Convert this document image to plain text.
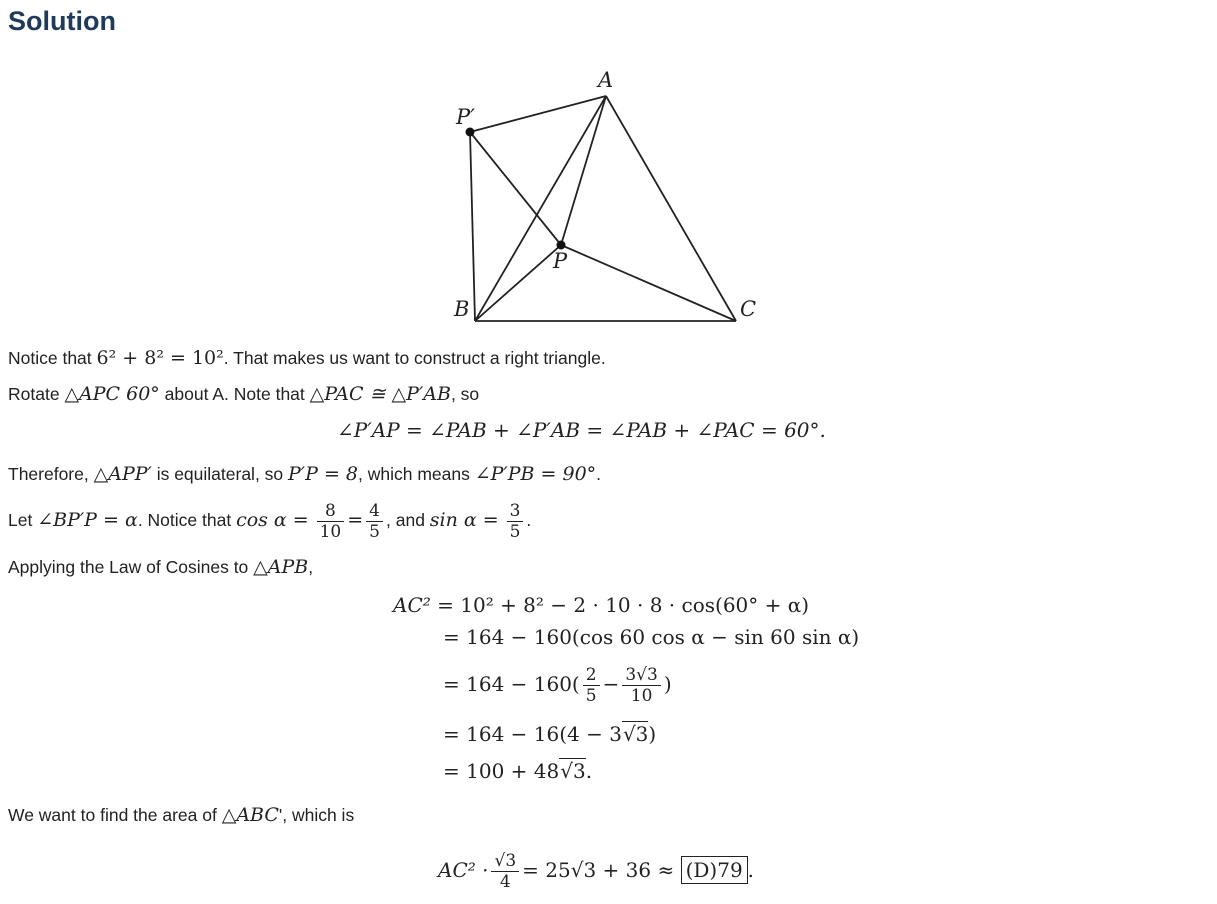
Solution
A
P′
P
B	C
Notice that 6² + 8² = 10². That makes us want to construct a right triangle.
Rotate △APC 60° about A. Note that △PAC ≅ △P′AB, so
∠P′AP = ∠PAB + ∠P′AB = ∠PAB + ∠PAC = 60°.
Therefore, △APP′ is equilateral, so P′P = 8, which means ∠P′PB = 90°.
Let ∠BP′P = α. Notice that $\cos \alpha = \frac{8}{10} = \frac{4}{5}$ , and $\sin \alpha = \frac{3}{5}$ .
Applying the Law of Cosines to △APB,
AC² = 10² + 8² − 2 · 10 · 8 · cos(60° + α)
= 164 − 160(cos 60 cos α − sin 60 sin α)
= $164 - 160( \frac{2}{5} - \frac{3√3}{10}$ )
= 164 − 16(4 − 3√3)
= 100 + 48√3.
We want to find the area of △ABC', which is
$AC^2 \cdot \frac{√3}{4} = 25√3 + 36 \approx (D)79$ .
